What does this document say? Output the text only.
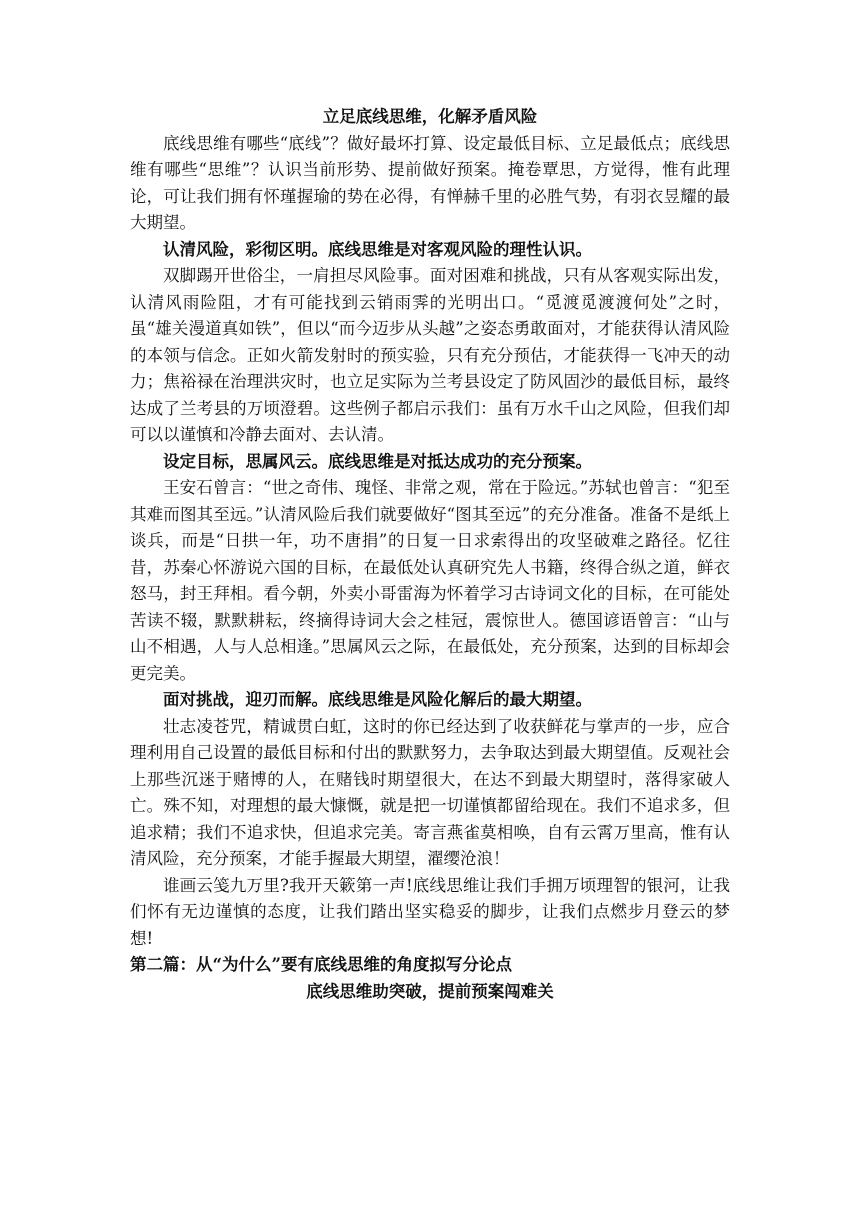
立足底线思维，化解矛盾风险

底线思维有哪些“底线”？做好最坏打算、设定最低目标、立足最低点；底线思维有哪些“思维”？认识当前形势、提前做好预案。掩卷覃思，方觉得，惟有此理论，可让我们拥有怀瑾握瑜的势在必得，有惮赫千里的必胜气势，有羽衣昱耀的最大期望。

认清风险，彩彻区明。底线思维是对客观风险的理性认识。

双脚踢开世俗尘，一肩担尽风险事。面对困难和挑战，只有从客观实际出发，认清风雨险阻，才有可能找到云销雨霁的光明出口。“觅渡觅渡渡何处”之时，虽“雄关漫道真如铁”，但以“而今迈步从头越”之姿态勇敢面对，才能获得认清风险的本领与信念。正如火箭发射时的预实验，只有充分预估，才能获得一飞冲天的动力；焦裕禄在治理洪灾时，也立足实际为兰考县设定了防风固沙的最低目标，最终达成了兰考县的万顷澄碧。这些例子都启示我们：虽有万水千山之风险，但我们却可以以谨慎和冷静去面对、去认清。

设定目标，思属风云。底线思维是对抵达成功的充分预案。

王安石曾言：“世之奇伟、瑰怪、非常之观，常在于险远。”苏轼也曾言：“犯至其难而图其至远。”认清风险后我们就要做好“图其至远”的充分准备。准备不是纸上谈兵，而是“日拱一年，功不唐捐”的日复一日求索得出的攻坚破难之路径。忆往昔，苏秦心怀游说六国的目标，在最低处认真研究先人书籍，终得合纵之道，鲜衣怒马，封王拜相。看今朝，外卖小哥雷海为怀着学习古诗词文化的目标，在可能处苦读不辍，默默耕耘，终摘得诗词大会之桂冠，震惊世人。德国谚语曾言：“山与山不相遇，人与人总相逢。”思属风云之际，在最低处，充分预案，达到的目标却会更完美。

面对挑战，迎刃而解。底线思维是风险化解后的最大期望。

壮志凌苍咒，精诚贯白虹，这时的你已经达到了收获鲜花与掌声的一步，应合理利用自己设置的最低目标和付出的默默努力，去争取达到最大期望值。反观社会上那些沉迷于赌博的人，在赌钱时期望很大，在达不到最大期望时，落得家破人亡。殊不知，对理想的最大慷慨，就是把一切谨慎都留给现在。我们不追求多，但追求精；我们不追求快，但追求完美。寄言燕雀莫相唤，自有云霄万里高，惟有认清风险，充分预案，才能手握最大期望，濯缨沧浪！

谁画云笺九万里?我开天簌第一声!底线思维让我们手拥万顷理智的银河，让我们怀有无边谨慎的态度，让我们踏出坚实稳妥的脚步，让我们点燃步月登云的梦想!

第二篇：从“为什么”要有底线思维的角度拟写分论点

底线思维助突破，提前预案闯难关
